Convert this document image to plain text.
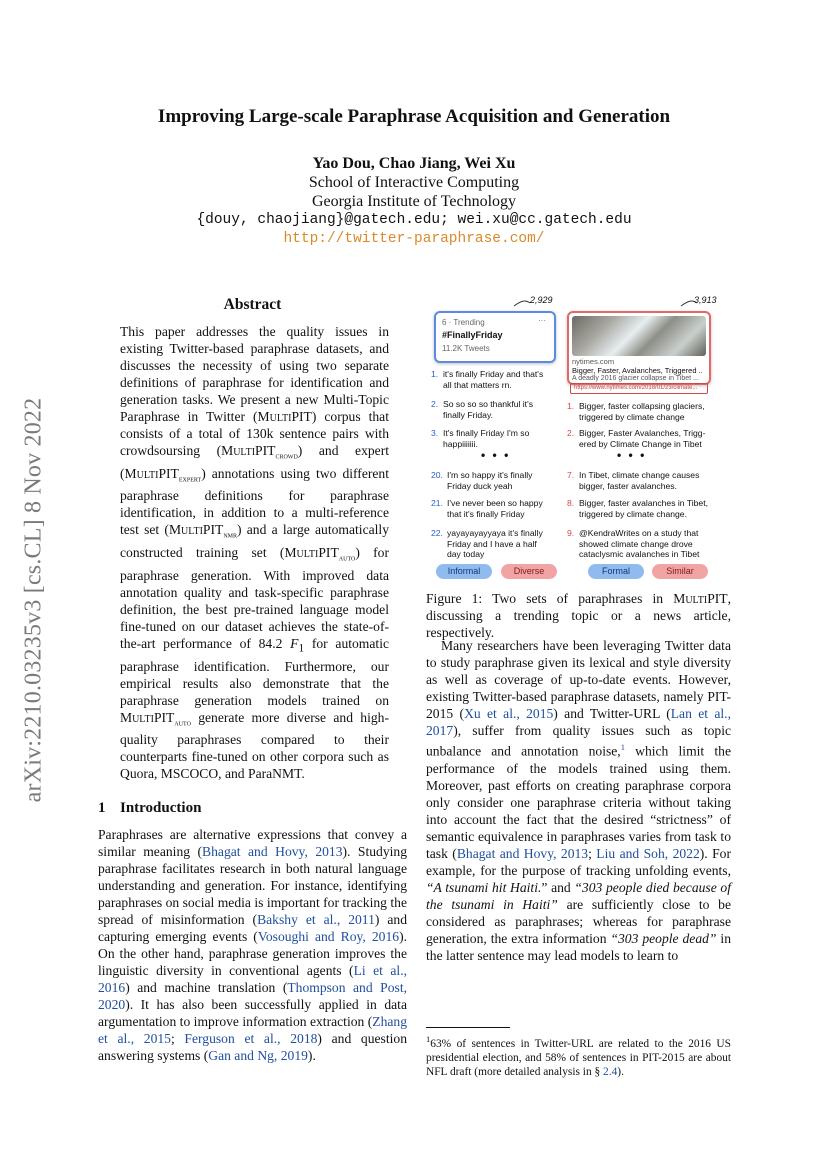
arXiv:2210.03235v3 [cs.CL] 8 Nov 2022
Improving Large-scale Paraphrase Acquisition and Generation
Yao Dou, Chao Jiang, Wei Xu
School of Interactive Computing
Georgia Institute of Technology
{douy, chaojiang}@gatech.edu; wei.xu@cc.gatech.edu
http://twitter-paraphrase.com/
Abstract
This paper addresses the quality issues in existing Twitter-based paraphrase datasets, and discusses the necessity of using two separate definitions of paraphrase for identification and generation tasks. We present a new Multi-Topic Paraphrase in Twitter (MultiPIT) corpus that consists of a total of 130k sentence pairs with crowdsoursing (MultiPIT$_{crowd}$) and expert (MultiPIT$_{expert}$) annotations using two different paraphrase definitions for paraphrase identification, in addition to a multi-reference test set (MultiPIT$_{nmr}$) and a large automatically constructed training set (MultiPIT$_{auto}$) for paraphrase generation. With improved data annotation quality and task-specific paraphrase definition, the best pre-trained language model fine-tuned on our dataset achieves the state-of-the-art performance of 84.2 $F_1$ for automatic paraphrase identification. Furthermore, our empirical results also demonstrate that the paraphrase generation models trained on MultiPIT$_{auto}$ generate more diverse and high-quality paraphrases compared to their counterparts fine-tuned on other corpora such as Quora, MSCOCO, and ParaNMT.
1 Introduction

Paraphrases are alternative expressions that convey a similar meaning (Bhagat and Hovy, 2013). Studying paraphrase facilitates research in both natural language understanding and generation. For instance, identifying paraphrases on social media is important for tracking the spread of misinformation (Bakshy et al., 2011) and capturing emerging events (Vosoughi and Roy, 2016). On the other hand, paraphrase generation improves the linguistic diversity in conventional agents (Li et al., 2016) and machine translation (Thompson and Post, 2020). It has also been successfully applied in data argumentation to improve information extraction (Zhang et al., 2015; Ferguson et al., 2018) and question answering systems (Gan and Ng, 2019).

2,929	3,913
6 · Trending	···
#FinallyFriday
11.2K Tweets
nytimes.com
Bigger, Faster, Avalanches, Triggered ..
A deadly 2016 glacier collapse in Tibet ...
https://www.nytimes.com/2018/01/23/climate...
1. it's finally Friday and that's
all that matters rn.
2. So so so so thankful it's
finally Friday.
3. It's finally Friday I'm so
happiiiiiii.
• • •
20. I'm so happy it's finally
Friday duck yeah
21. I've never been so happy
that it's finally Friday
22. yayayayayyaya it's finally
Friday and I have a half
day today
1. Bigger, faster collapsing glaciers,
triggered by climate change
2. Bigger, Faster Avalanches, Trigg-
ered by Climate Change in Tibet
• • •
7. In Tibet, climate change causes
bigger, faster avalanches.
8. Bigger, faster avalanches in Tibet,
triggered by climate change.
9. @KendraWrites on a study that
showed climate change drove
cataclysmic avalanches in Tibet
Informal	Diverse	Formal	Similar
Figure 1: Two sets of paraphrases in MultiPIT, discussing a trending topic or a news article, respectively.

Many researchers have been leveraging Twitter data to study paraphrase given its lexical and style diversity as well as coverage of up-to-date events. However, existing Twitter-based paraphrase datasets, namely PIT-2015 (Xu et al., 2015) and Twitter-URL (Lan et al., 2017), suffer from quality issues such as topic unbalance and annotation noise,$^1$ which limit the performance of the models trained using them. Moreover, past efforts on creating paraphrase corpora only consider one paraphrase criteria without taking into account the fact that the desired “strictness” of semantic equivalence in paraphrases varies from task to task (Bhagat and Hovy, 2013; Liu and Soh, 2022). For example, for the purpose of tracking unfolding events, “A tsunami hit Haiti.” and “303 people died because of the tsunami in Haiti” are sufficiently close to be considered as paraphrases; whereas for paraphrase generation, the extra information “303 people dead” in the latter sentence may lead models to learn to

$^1$63% of sentences in Twitter-URL are related to the 2016 US presidential election, and 58% of sentences in PIT-2015 are about NFL draft (more detailed analysis in § 2.4).
